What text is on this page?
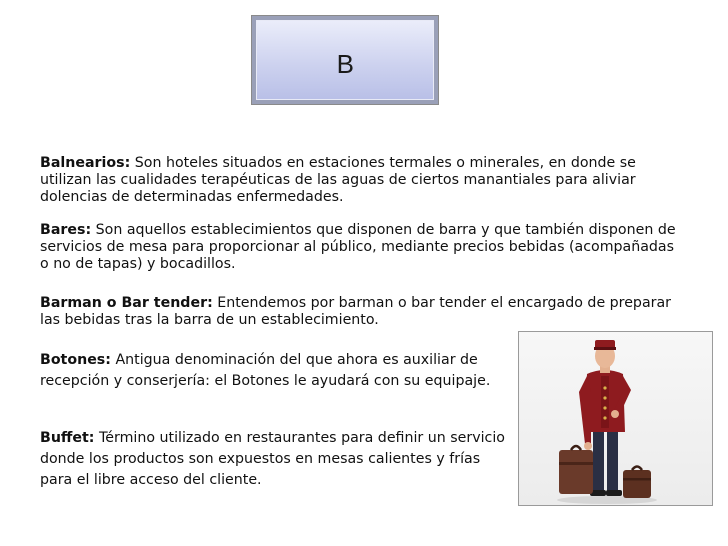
B

Balnearios: Son hoteles situados en estaciones termales o minerales, en donde se utilizan las cualidades terapéuticas de las aguas de ciertos manantiales para aliviar dolencias de determinadas enfermedades.

Bares: Son aquellos establecimientos que disponen de barra y que también disponen de servicios de mesa para proporcionar al público, mediante precios bebidas (acompañadas o no de tapas) y bocadillos.

Barman o Bar tender: Entendemos por barman o bar tender el encargado de preparar las bebidas tras la barra de un establecimiento.

Botones: Antigua denominación del que ahora es auxiliar de recepción y conserjería: el Botones le ayudará con su equipaje.

Buffet: Término utilizado en restaurantes para definir un servicio donde los productos son expuestos en mesas calientes y frías para el libre acceso del cliente.
